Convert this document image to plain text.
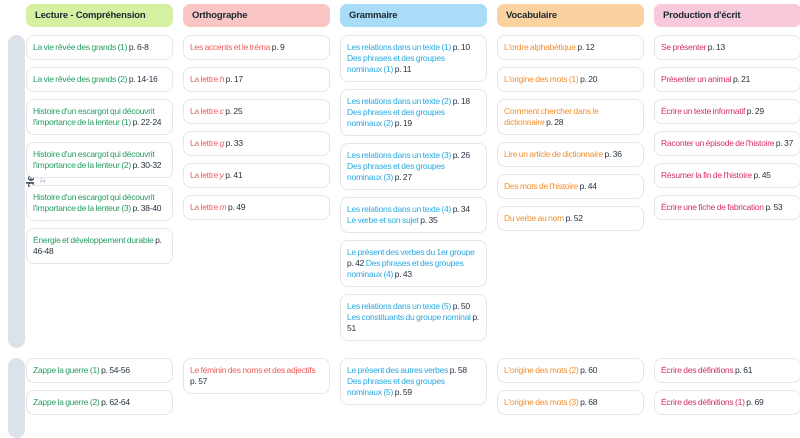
Lecture - Compréhension	Orthographe	Grammaire	Vocabulaire	Production d'écrit
La vie rêvée des grands (1) p. 6-8
La vie rêvée des grands (2) p. 14-16
Histoire d'un escargot qui découvrit l'importance de la lenteur (1) p. 22-24
Histoire d'un escargot qui découvrit l'importance de la lenteur (2) p. 30-32
Histoire d'un escargot qui découvrit l'importance de la lenteur (3) p. 38-40
Énergie et développement durable p. 46-48
Les accents et le tréma p. 9
La lettre h p. 17
La lettre c p. 25
La lettre g p. 33
La lettre y p. 41
La lettre m p. 49
Les relations dans un texte (1) p. 10 Des phrases et des groupes nominaux (1) p. 11
Les relations dans un texte (2) p. 18 Des phrases et des groupes nominaux (2) p. 19
Les relations dans un texte (3) p. 26 Des phrases et des groupes nominaux (3) p. 27
Les relations dans un texte (4) p. 34 Le verbe et son sujet p. 35
Le présent des verbes du 1er groupe p. 42 Des phrases et des groupes nominaux (4) p. 43
Les relations dans un texte (5) p. 50 Les constituants du groupe nominal p. 51
L'ordre alphabétique p. 12
L'origine des mots (1) p. 20
Comment chercher dans le dictionnaire p. 28
Lire un article de dictionnaire p. 36
Des mots de l'histoire p. 44
Du verbe au nom p. 52
Se présenter p. 13
Présenter un animal p. 21
Écrire un texte informatif p. 29
Raconter un épisode de l'histoire p. 37
Résumer la fin de l'histoire p. 45
Écrire une fiche de fabrication p. 53
Zappe la guerre (1) p. 54-56
Zappe la guerre (2) p. 62-64
Le féminin des noms et des adjectifs p. 57
Le présent des autres verbes p. 58 Des phrases et des groupes nominaux (5) p. 59
L'origine des mots (2) p. 60
L'origine des mots (3) p. 68
Écrire des définitions p. 61
Écrire des définitions (1) p. 69
